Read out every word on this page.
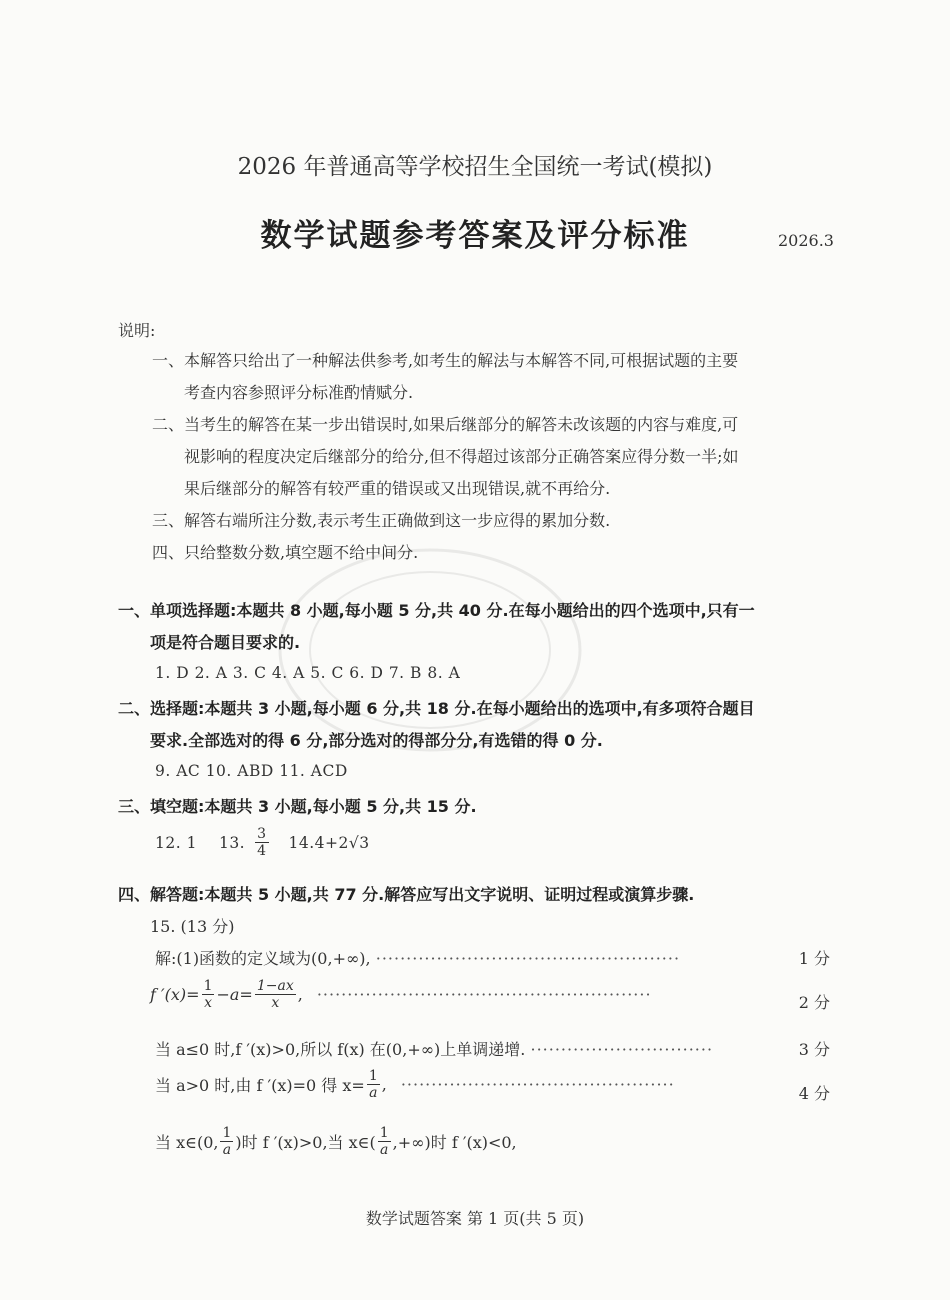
2026 年普通高等学校招生全国统一考试(模拟)
数学试题参考答案及评分标准	2026.3
说明:
一、本解答只给出了一种解法供参考,如考生的解法与本解答不同,可根据试题的主要
考查内容参照评分标准酌情赋分.
二、当考生的解答在某一步出错误时,如果后继部分的解答未改该题的内容与难度,可
视影响的程度决定后继部分的给分,但不得超过该部分正确答案应得分数一半;如
果后继部分的解答有较严重的错误或又出现错误,就不再给分.
三、解答右端所注分数,表示考生正确做到这一步应得的累加分数.
四、只给整数分数,填空题不给中间分.
一、单项选择题:本题共 8 小题,每小题 5 分,共 40 分.在每小题给出的四个选项中,只有一
项是符合题目要求的.
1. D 2. A 3. C 4. A 5. C 6. D 7. B 8. A
二、选择题:本题共 3 小题,每小题 6 分,共 18 分.在每小题给出的选项中,有多项符合题目
要求.全部选对的得 6 分,部分选对的得部分分,有选错的得 0 分.
9. AC 10. ABD 11. ACD
三、填空题:本题共 3 小题,每小题 5 分,共 15 分.
12. 1 13. $\frac{3}{4} 14.4+2√3$
四、解答题:本题共 5 小题,共 77 分.解答应写出文字说明、证明过程或演算步骤.
15. (13 分)
解:(1)函数的定义域为(0,+∞), ··················································	1 分
f $'(x)= \frac{1}{x} -a= \frac{1-ax}{x}$ , ·······················································	2 分
当 a≤0 时,f ′(x)>0,所以 f(x) 在(0,+∞)上单调递增. ······························	3 分
当 a>0 时,由 f ′(x)=0 得 $x= \frac{1}{a}$ , ·············································	4 分
当 x∈(0, $\frac{1}{a}$ )时 f ′(x)>0,当 x∈( $\frac{1}{a}$ ,+∞)时 f ′(x)<0,
数学试题答案 第 1 页(共 5 页)
